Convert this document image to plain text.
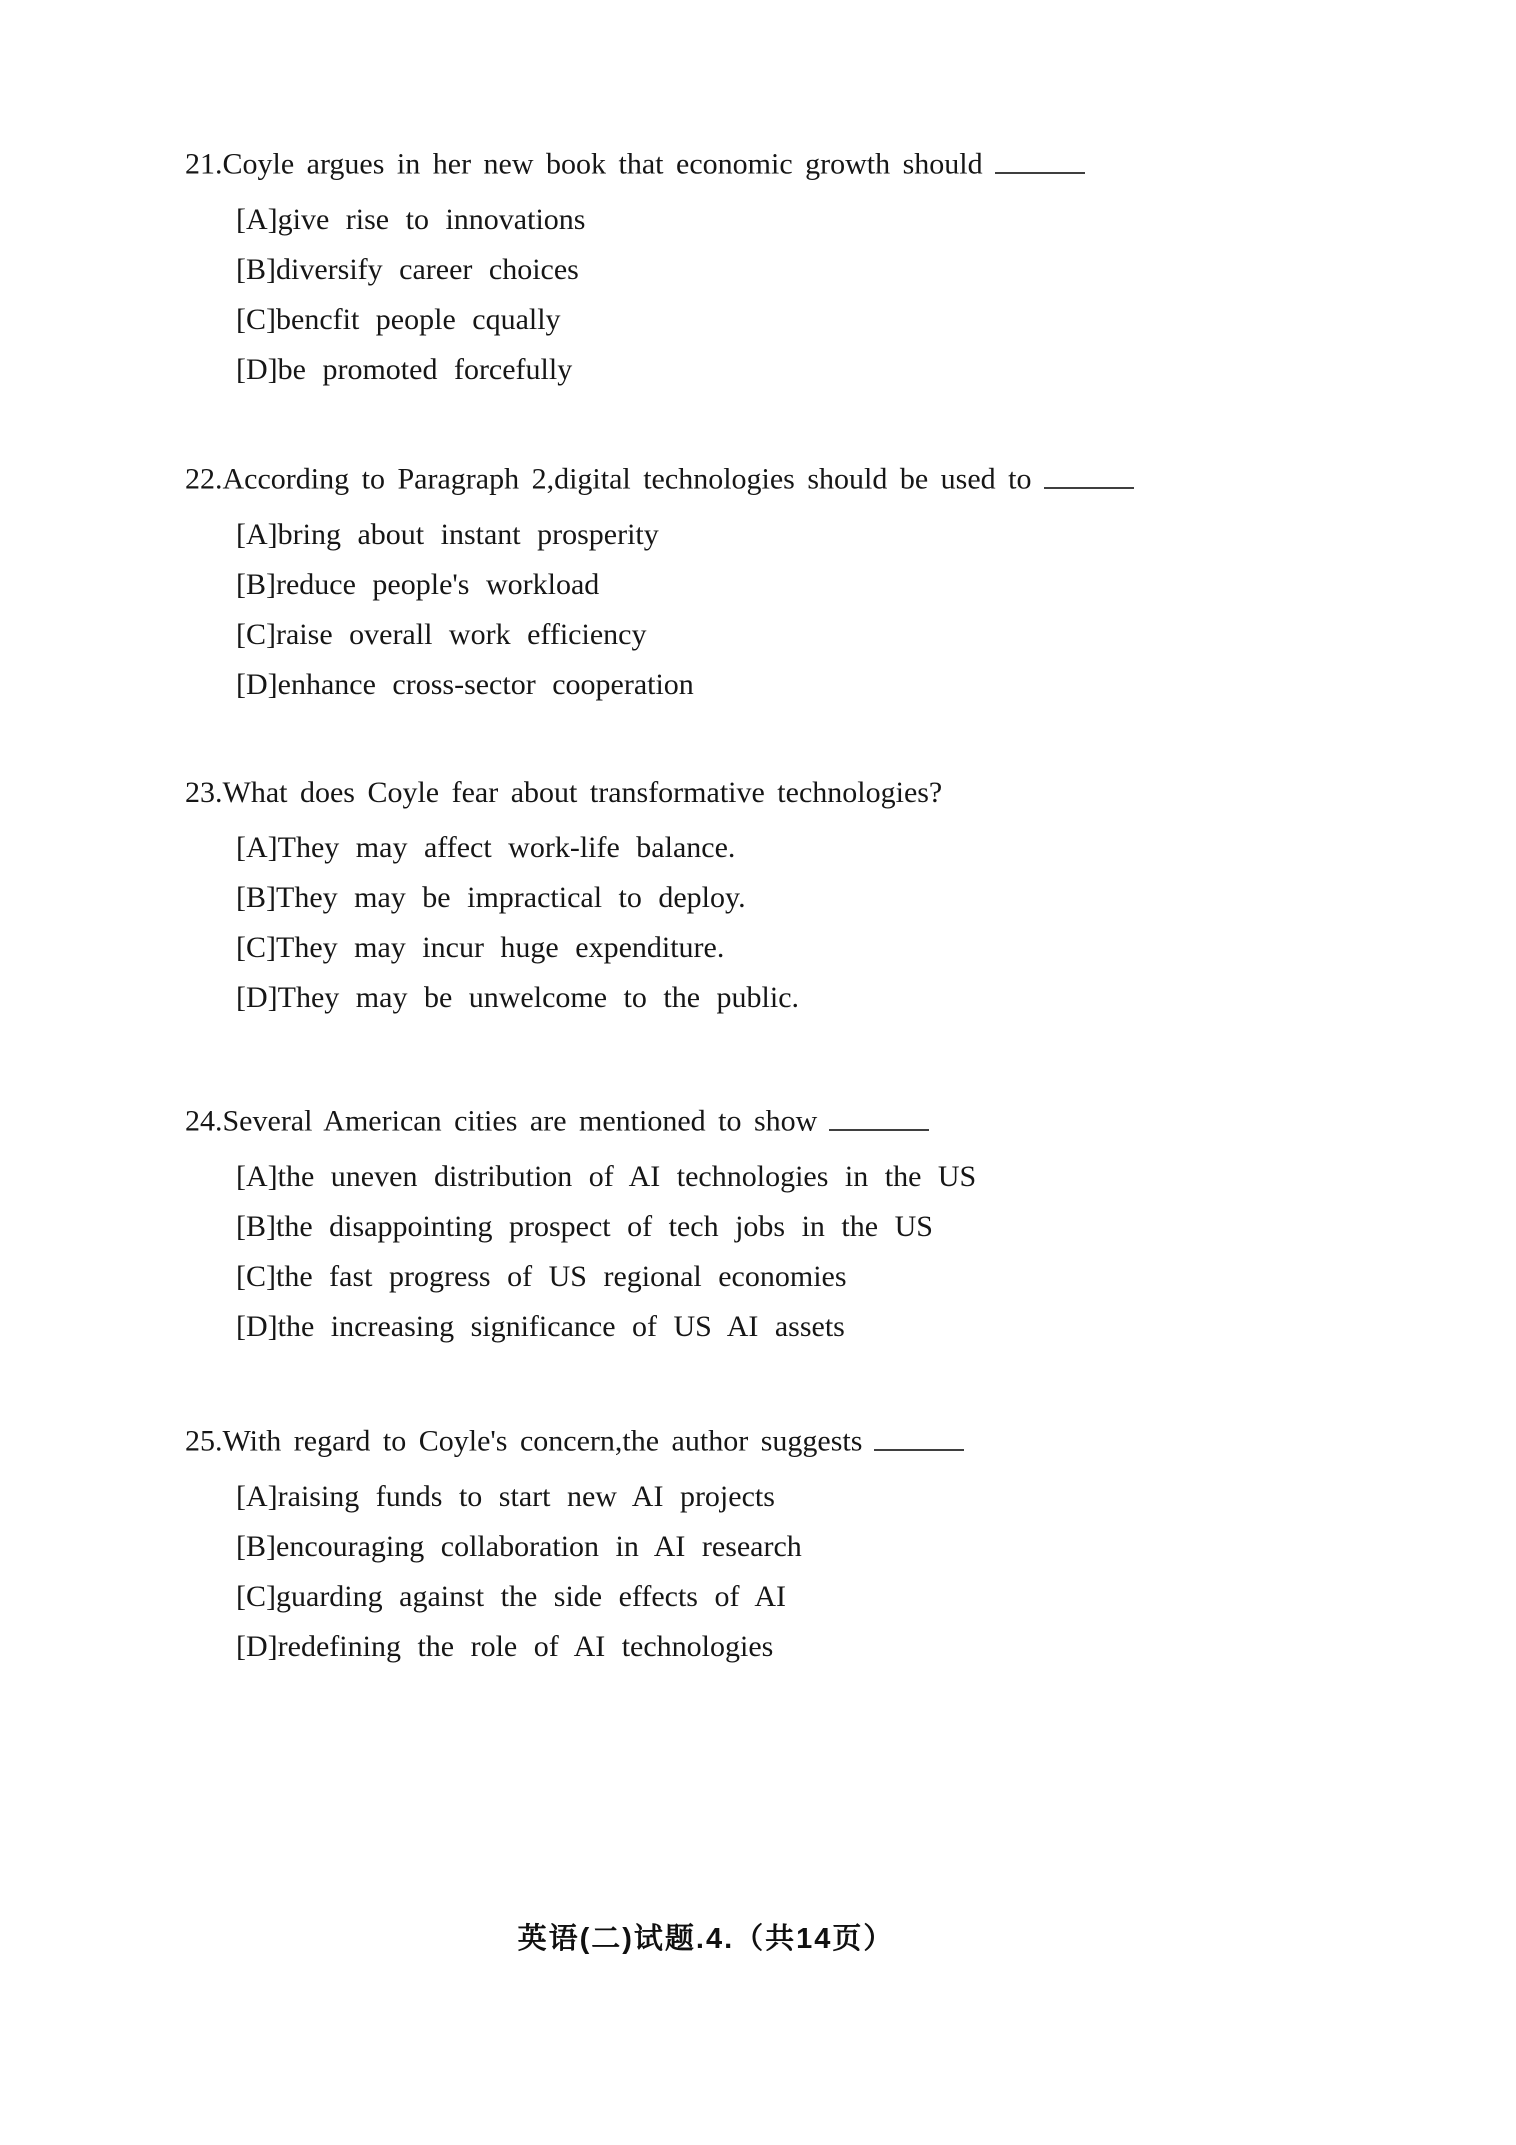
21.Coyle argues in her new book that economic growth should
[A]give rise to innovations
[B]diversify career choices
[C]bencfit people cqually
[D]be promoted forcefully
22.According to Paragraph 2,digital technologies should be used to
[A]bring about instant prosperity
[B]reduce people's workload
[C]raise overall work efficiency
[D]enhance cross-sector cooperation
23.What does Coyle fear about transformative technologies?
[A]They may affect work-life balance.
[B]They may be impractical to deploy.
[C]They may incur huge expenditure.
[D]They may be unwelcome to the public.
24.Several American cities are mentioned to show
[A]the uneven distribution of AI technologies in the US
[B]the disappointing prospect of tech jobs in the US
[C]the fast progress of US regional economies
[D]the increasing significance of US AI assets
25.With regard to Coyle's concern,the author suggests
[A]raising funds to start new AI projects
[B]encouraging collaboration in AI research
[C]guarding against the side effects of AI
[D]redefining the role of AI technologies
英语(二)试题.4.（共14页）
